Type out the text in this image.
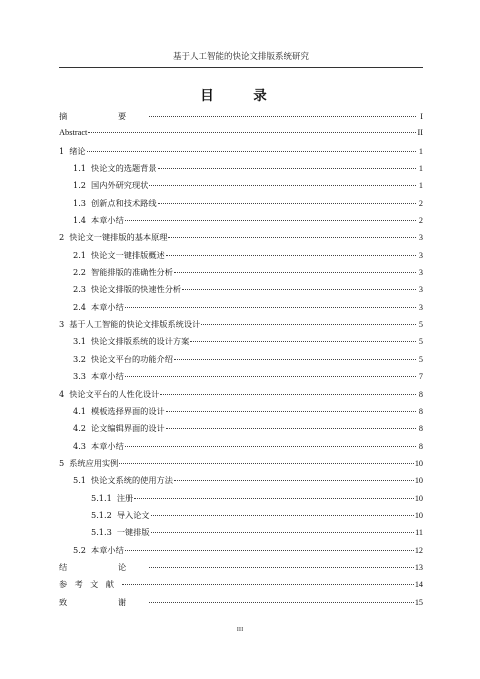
基于人工智能的快论文排版系统研究
目　录
摘　要	I
Abstract	II
1 绪论	1
1.1 快论文的选题背景	1
1.2 国内外研究现状	1
1.3 创新点和技术路线	2
1.4 本章小结	2
2 快论文一键排版的基本原理	3
2.1 快论文一键排版概述	3
2.2 智能排版的准确性分析	3
2.3 快论文排版的快速性分析	3
2.4 本章小结	3
3 基于人工智能的快论文排版系统设计	5
3.1 快论文排版系统的设计方案	5
3.2 快论文平台的功能介绍	5
3.3 本章小结	7
4 快论文平台的人性化设计	8
4.1 模板选择界面的设计	8
4.2 论文编辑界面的设计	8
4.3 本章小结	8
5 系统应用实例	10
5.1 快论文系统的使用方法	10
5.1.1 注册	10
5.1.2 导入论文	10
5.1.3 一键排版	11
5.2 本章小结	12
结　论	13
参考文献	14
致　谢	15
III
